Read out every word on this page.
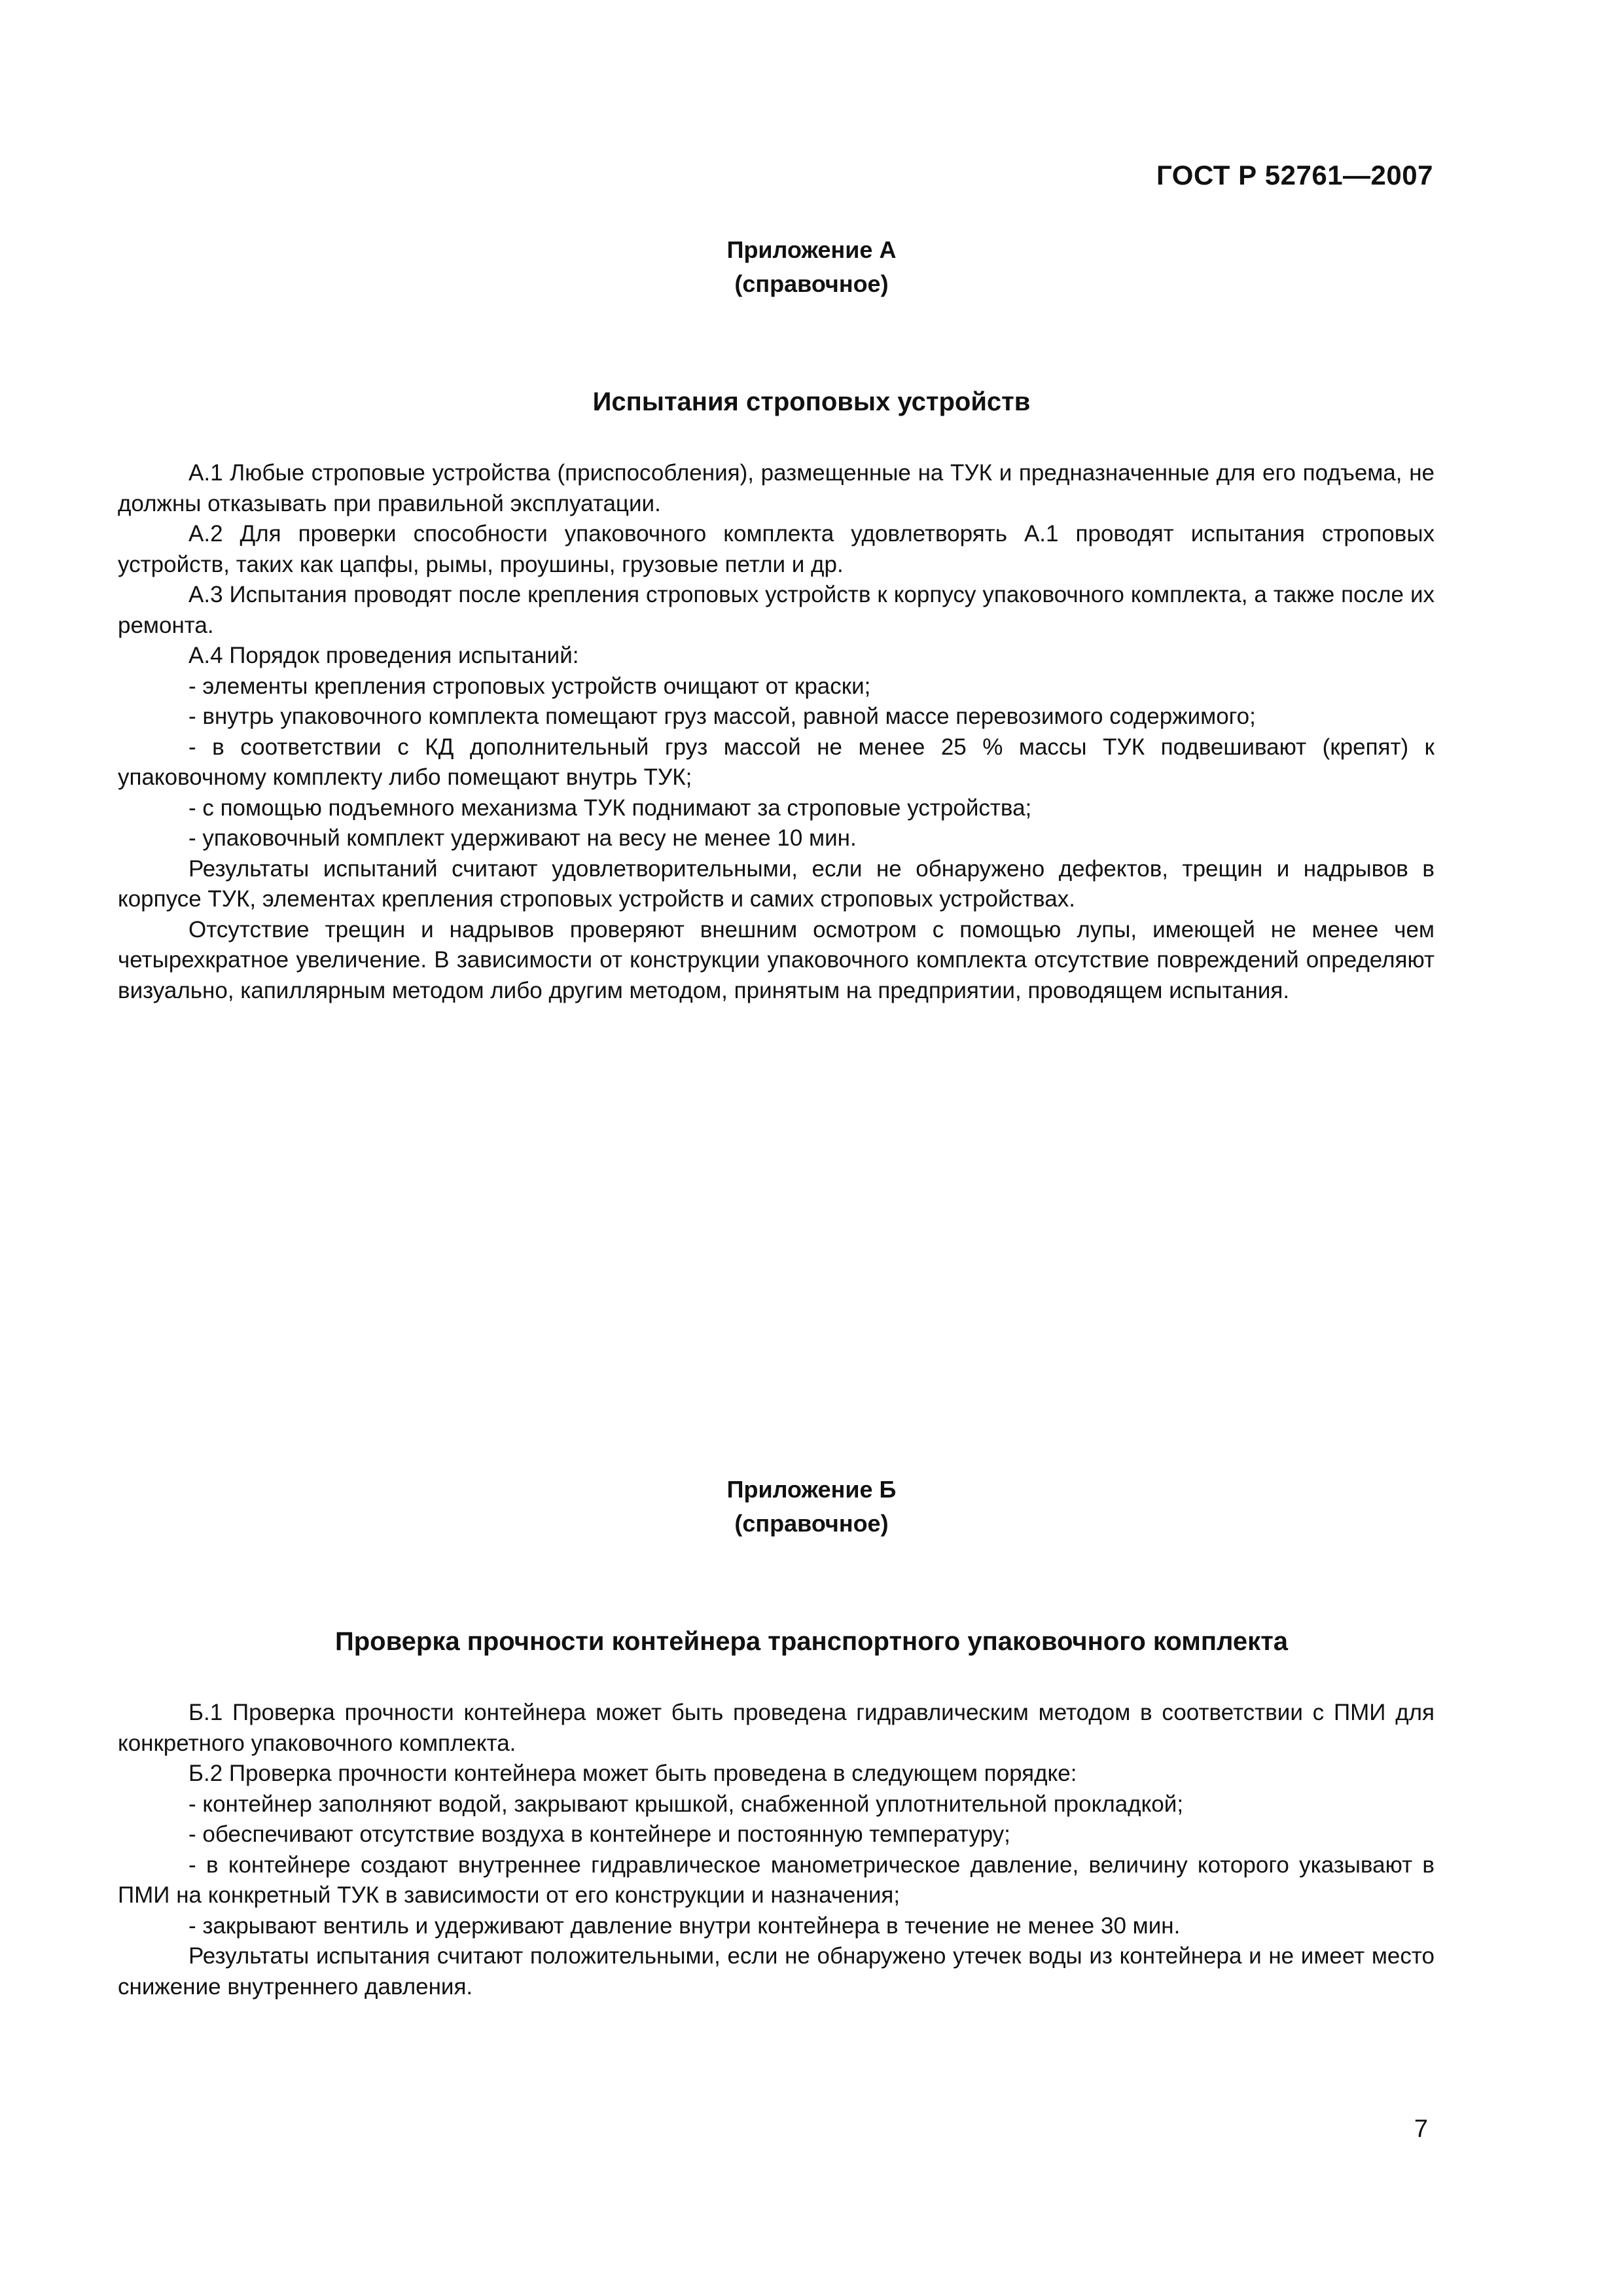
ГОСТ Р 52761—2007
Приложение А
(справочное)
Испытания строповых устройств

А.1 Любые строповые устройства (приспособления), размещенные на ТУК и предназначенные для его подъема, не должны отказывать при правильной эксплуатации.

А.2 Для проверки способности упаковочного комплекта удовлетворять А.1 проводят испытания строповых устройств, таких как цапфы, рымы, проушины, грузовые петли и др.

А.3 Испытания проводят после крепления строповых устройств к корпусу упаковочного комплекта, а также после их ремонта.

А.4 Порядок проведения испытаний:

- элементы крепления строповых устройств очищают от краски;

- внутрь упаковочного комплекта помещают груз массой, равной массе перевозимого содержимого;

- в соответствии с КД дополнительный груз массой не менее 25 % массы ТУК подвешивают (крепят) к упаковочному комплекту либо помещают внутрь ТУК;

- с помощью подъемного механизма ТУК поднимают за строповые устройства;

- упаковочный комплект удерживают на весу не менее 10 мин.

Результаты испытаний считают удовлетворительными, если не обнаружено дефектов, трещин и надрывов в корпусе ТУК, элементах крепления строповых устройств и самих строповых устройствах.

Отсутствие трещин и надрывов проверяют внешним осмотром с помощью лупы, имеющей не менее чем четырехкратное увеличение. В зависимости от конструкции упаковочного комплекта отсутствие повреждений определяют визуально, капиллярным методом либо другим методом, принятым на предприятии, проводящем испытания.

Приложение Б
(справочное)
Проверка прочности контейнера транспортного упаковочного комплекта

Б.1 Проверка прочности контейнера может быть проведена гидравлическим методом в соответствии с ПМИ для конкретного упаковочного комплекта.

Б.2 Проверка прочности контейнера может быть проведена в следующем порядке:

- контейнер заполняют водой, закрывают крышкой, снабженной уплотнительной прокладкой;

- обеспечивают отсутствие воздуха в контейнере и постоянную температуру;

- в контейнере создают внутреннее гидравлическое манометрическое давление, величину которого указывают в ПМИ на конкретный ТУК в зависимости от его конструкции и назначения;

- закрывают вентиль и удерживают давление внутри контейнера в течение не менее 30 мин.

Результаты испытания считают положительными, если не обнаружено утечек воды из контейнера и не имеет место снижение внутреннего давления.

7
